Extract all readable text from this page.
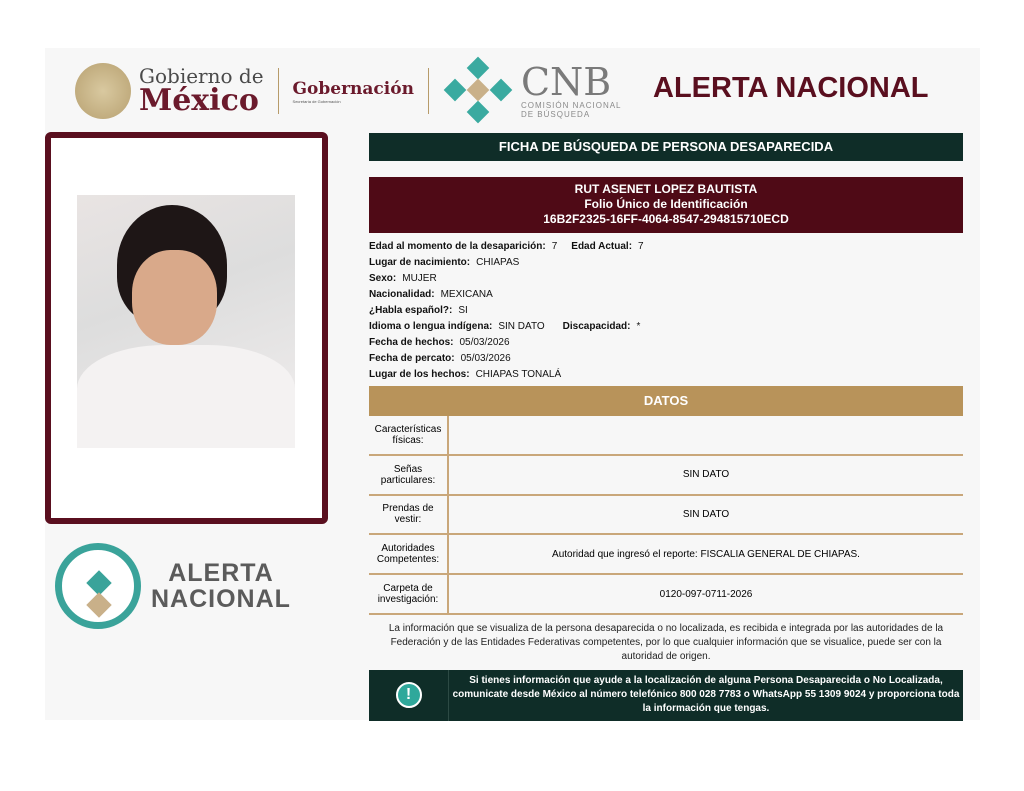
Gobierno de
México Gobernación
Secretaría de Gobernación	CNB
COMISIÓN NACIONAL
DE BÚSQUEDA
ALERTA NACIONAL
ALERTA
NACIONAL
FICHA DE BÚSQUEDA DE PERSONA DESAPARECIDA
RUT ASENET LOPEZ BAUTISTA
Folio Único de Identificación
16B2F2325-16FF-4064-8547-294815710ECD
Edad al momento de la desaparición: 7 Edad Actual: 7
Lugar de nacimiento: CHIAPAS
Sexo: MUJER
Nacionalidad: MEXICANA
¿Habla español?: SI
Idioma o lengua indígena: SIN DATO Discapacidad: *
Fecha de hechos: 05/03/2026
Fecha de percato: 05/03/2026
Lugar de los hechos: CHIAPAS TONALÁ
DATOS
Características físicas:
Señas particulares:	SIN DATO
Prendas de vestir:	SIN DATO
Autoridades Competentes:	Autoridad que ingresó el reporte: FISCALIA GENERAL DE CHIAPAS.
Carpeta de investigación:	0120-097-0711-2026
La información que se visualiza de la persona desaparecida o no localizada, es recibida e integrada por las autoridades de la Federación y de las Entidades Federativas competentes, por lo que cualquier información que se visualice, puede ser con la autoridad de origen.
!
Si tienes información que ayude a la localización de alguna Persona Desaparecida o No Localizada, comunicate desde México al número telefónico 800 028 7783 o WhatsApp 55 1309 9024 y proporciona toda la información que tengas.
